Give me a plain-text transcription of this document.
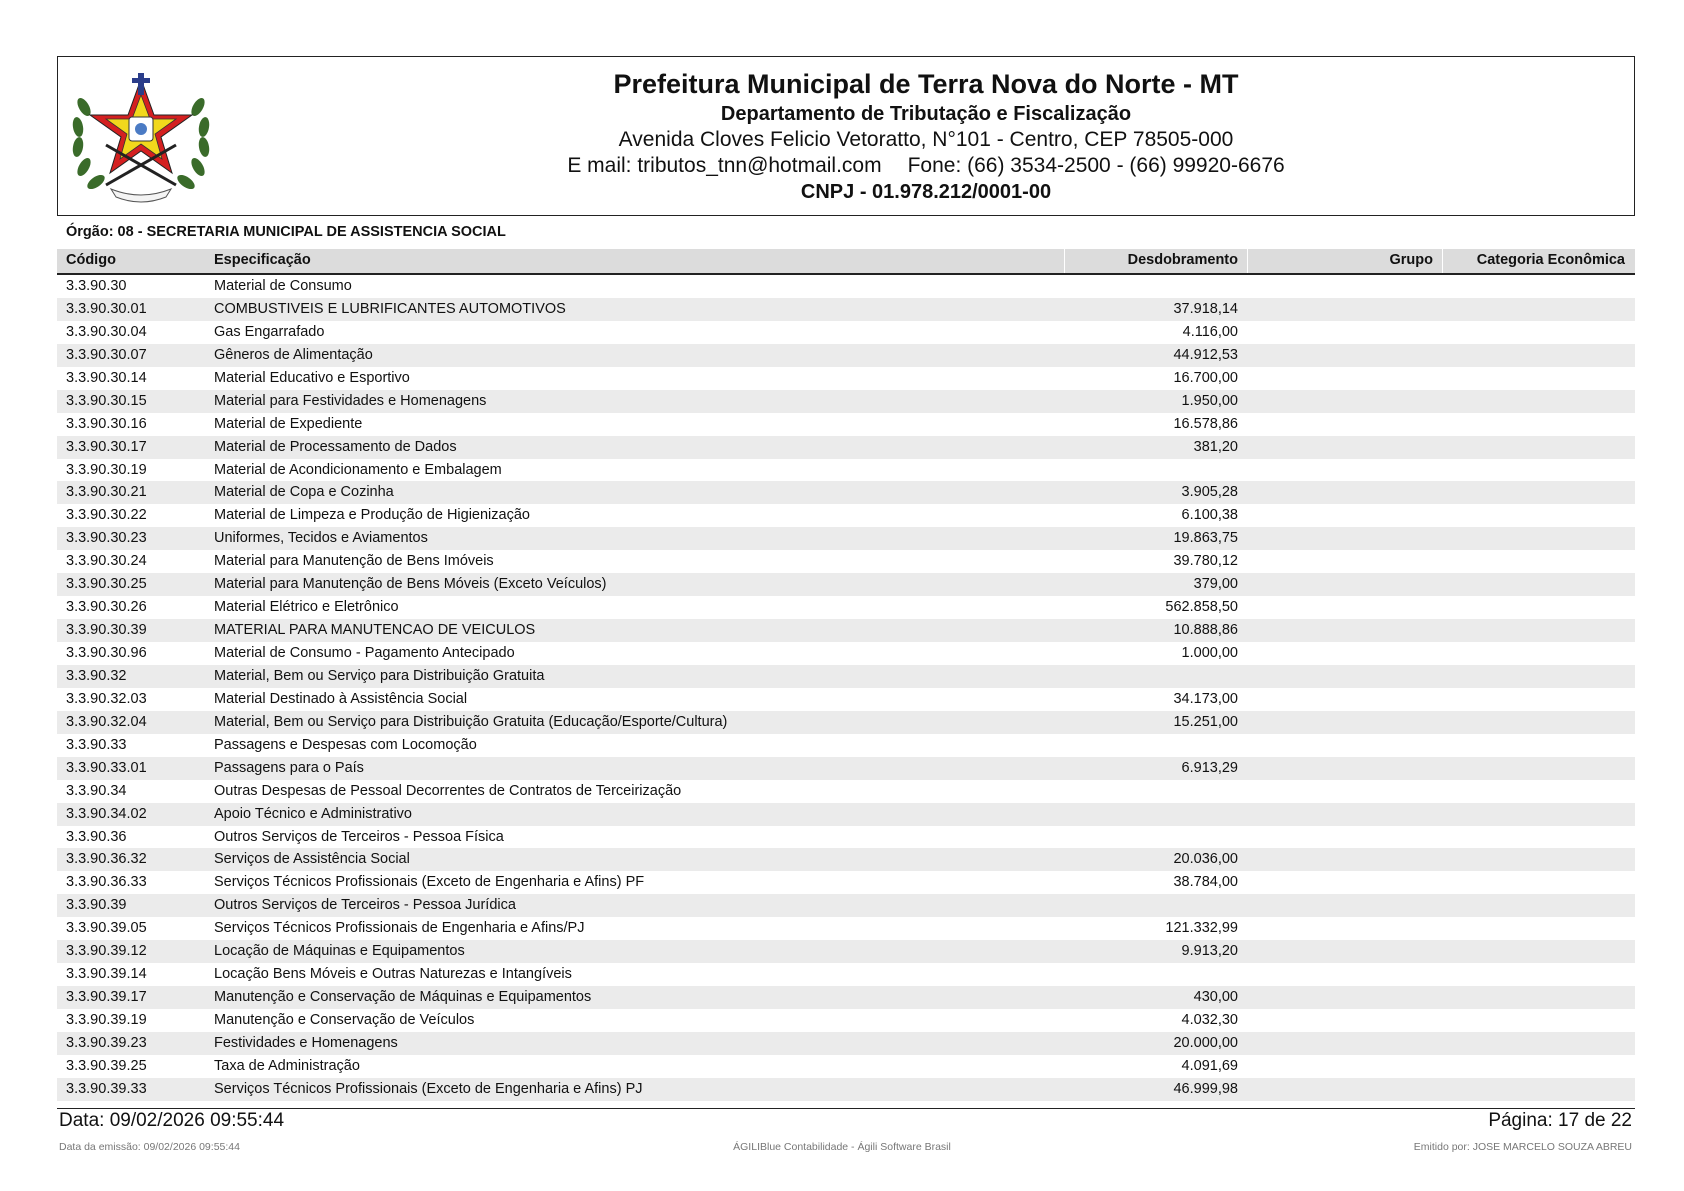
Prefeitura Municipal de Terra Nova do Norte - MT
Departamento de Tributação e Fiscalização
Avenida Cloves Felicio Vetoratto, N°101 - Centro, CEP 78505-000
E mail: tributos_tnn@hotmail.com Fone: (66) 3534-2500 - (66) 99920-6676
CNPJ - 01.978.212/0001-00
Órgão: 08 - SECRETARIA MUNICIPAL DE ASSISTENCIA SOCIAL
Código	Especificação	Desdobramento	Grupo	Categoria Econômica
3.3.90.30	Material de Consumo
3.3.90.30.01	COMBUSTIVEIS E LUBRIFICANTES AUTOMOTIVOS	37.918,14
3.3.90.30.04	Gas Engarrafado	4.116,00
3.3.90.30.07	Gêneros de Alimentação	44.912,53
3.3.90.30.14	Material Educativo e Esportivo	16.700,00
3.3.90.30.15	Material para Festividades e Homenagens	1.950,00
3.3.90.30.16	Material de Expediente	16.578,86
3.3.90.30.17	Material de Processamento de Dados	381,20
3.3.90.30.19	Material de Acondicionamento e Embalagem
3.3.90.30.21	Material de Copa e Cozinha	3.905,28
3.3.90.30.22	Material de Limpeza e Produção de Higienização	6.100,38
3.3.90.30.23	Uniformes, Tecidos e Aviamentos	19.863,75
3.3.90.30.24	Material para Manutenção de Bens Imóveis	39.780,12
3.3.90.30.25	Material para Manutenção de Bens Móveis (Exceto Veículos)	379,00
3.3.90.30.26	Material Elétrico e Eletrônico	562.858,50
3.3.90.30.39	MATERIAL PARA MANUTENCAO DE VEICULOS	10.888,86
3.3.90.30.96	Material de Consumo - Pagamento Antecipado	1.000,00
3.3.90.32	Material, Bem ou Serviço para Distribuição Gratuita
3.3.90.32.03	Material Destinado à Assistência Social	34.173,00
3.3.90.32.04	Material, Bem ou Serviço para Distribuição Gratuita (Educação/Esporte/Cultura)	15.251,00
3.3.90.33	Passagens e Despesas com Locomoção
3.3.90.33.01	Passagens para o País	6.913,29
3.3.90.34	Outras Despesas de Pessoal Decorrentes de Contratos de Terceirização
3.3.90.34.02	Apoio Técnico e Administrativo
3.3.90.36	Outros Serviços de Terceiros - Pessoa Física
3.3.90.36.32	Serviços de Assistência Social	20.036,00
3.3.90.36.33	Serviços Técnicos Profissionais (Exceto de Engenharia e Afins) PF	38.784,00
3.3.90.39	Outros Serviços de Terceiros - Pessoa Jurídica
3.3.90.39.05	Serviços Técnicos Profissionais de Engenharia e Afins/PJ	121.332,99
3.3.90.39.12	Locação de Máquinas e Equipamentos	9.913,20
3.3.90.39.14	Locação Bens Móveis e Outras Naturezas e Intangíveis
3.3.90.39.17	Manutenção e Conservação de Máquinas e Equipamentos	430,00
3.3.90.39.19	Manutenção e Conservação de Veículos	4.032,30
3.3.90.39.23	Festividades e Homenagens	20.000,00
3.3.90.39.25	Taxa de Administração	4.091,69
3.3.90.39.33	Serviços Técnicos Profissionais (Exceto de Engenharia e Afins) PJ	46.999,98
Data: 09/02/2026 09:55:44	Página: 17 de 22
Data da emissão: 09/02/2026 09:55:44	ÁGILIBlue Contabilidade - Ágili Software Brasil	Emitido por: JOSE MARCELO SOUZA ABREU
